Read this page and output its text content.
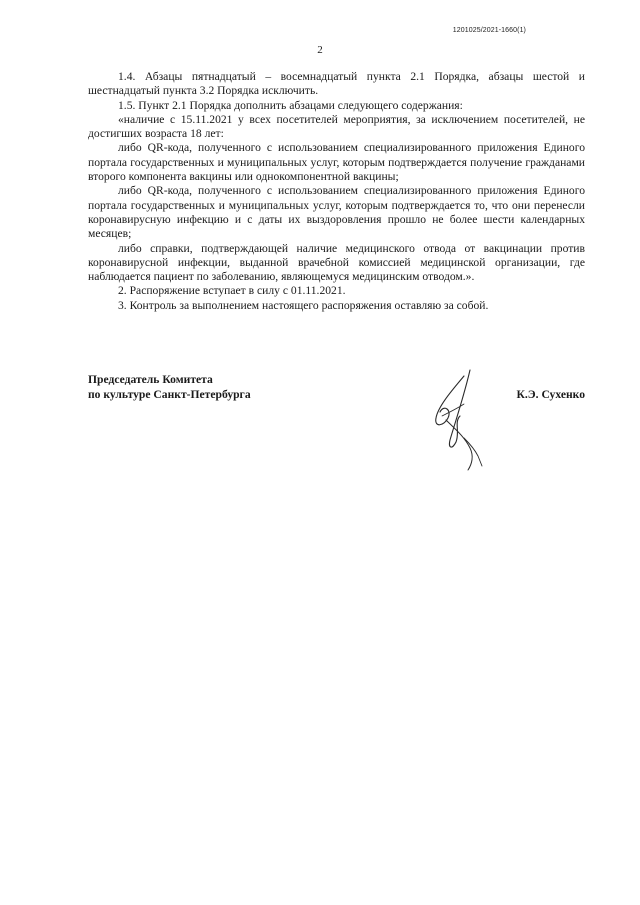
1201025/2021-1660(1)
2

1.4. Абзацы пятнадцатый – восемнадцатый пункта 2.1 Порядка, абзацы шестой и шестнадцатый пункта 3.2 Порядка исключить.

1.5. Пункт 2.1 Порядка дополнить абзацами следующего содержания:

«наличие с 15.11.2021 у всех посетителей мероприятия, за исключением посетителей, не достигших возраста 18 лет:

либо QR-кода, полученного с использованием специализированного приложения Единого портала государственных и муниципальных услуг, которым подтверждается получение гражданами второго компонента вакцины или однокомпонентной вакцины;

либо QR-кода, полученного с использованием специализированного приложения Единого портала государственных и муниципальных услуг, которым подтверждается то, что они перенесли коронавирусную инфекцию и с даты их выздоровления прошло не более шести календарных месяцев;

либо справки, подтверждающей наличие медицинского отвода от вакцинации против коронавирусной инфекции, выданной врачебной комиссией медицинской организации, где наблюдается пациент по заболеванию, являющемуся медицинским отводом.».

2. Распоряжение вступает в силу с 01.11.2021.

3. Контроль за выполнением настоящего распоряжения оставляю за собой.

Председатель Комитета
по культуре Санкт-Петербурга	К.Э. Сухенко
